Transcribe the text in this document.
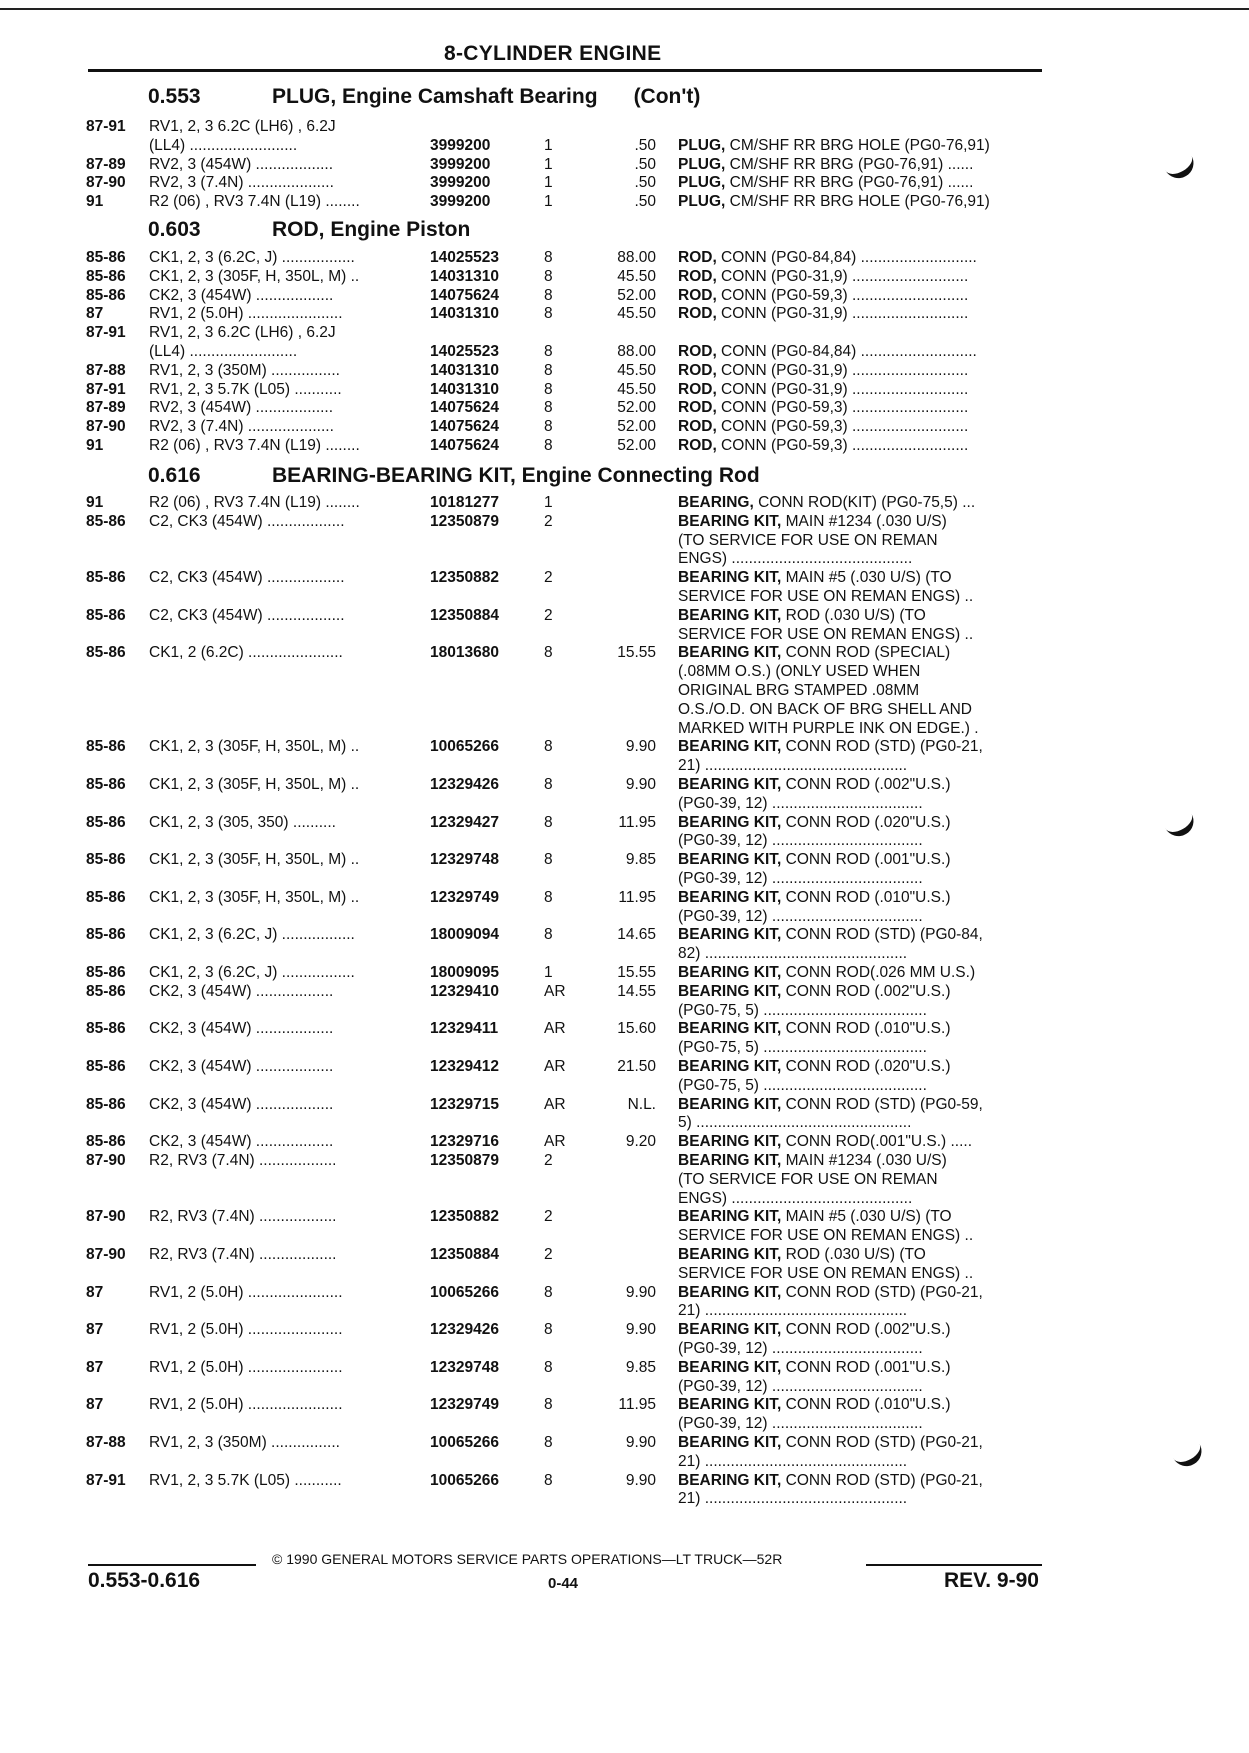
8-CYLINDER ENGINE
0.553	PLUG, Engine Camshaft Bearing (Con't)
0.603	ROD, Engine Piston
0.616	BEARING-BEARING KIT, Engine Connecting Rod
87-91 RV1, 2, 3 6.2C (LH6) , 6.2J
(LL4) .........................	3999200	1	.50 PLUG, CM/SHF RR BRG HOLE (PG0-76,91)
87-89 RV2, 3 (454W) ..................	3999200	1	.50 PLUG, CM/SHF RR BRG (PG0-76,91) ......
87-90 RV2, 3 (7.4N) ....................	3999200	1	.50 PLUG, CM/SHF RR BRG (PG0-76,91) ......
91	R2 (06) , RV3 7.4N (L19) ........	3999200	1	.50 PLUG, CM/SHF RR BRG HOLE (PG0-76,91)
85-86 CK1, 2, 3 (6.2C, J) .................	14025523	8	88.00 ROD, CONN (PG0-84,84) ...........................
85-86 CK1, 2, 3 (305F, H, 350L, M) ..	14031310	8	45.50 ROD, CONN (PG0-31,9) ...........................
85-86 CK2, 3 (454W) ..................	14075624	8	52.00 ROD, CONN (PG0-59,3) ...........................
87	RV1, 2 (5.0H) ......................	14031310	8	45.50 ROD, CONN (PG0-31,9) ...........................
87-91 RV1, 2, 3 6.2C (LH6) , 6.2J
(LL4) .........................	14025523	8	88.00 ROD, CONN (PG0-84,84) ...........................
87-88 RV1, 2, 3 (350M) ................	14031310	8	45.50 ROD, CONN (PG0-31,9) ...........................
87-91 RV1, 2, 3 5.7K (L05) ...........	14031310	8	45.50 ROD, CONN (PG0-31,9) ...........................
87-89 RV2, 3 (454W) ..................	14075624	8	52.00 ROD, CONN (PG0-59,3) ...........................
87-90 RV2, 3 (7.4N) ....................	14075624	8	52.00 ROD, CONN (PG0-59,3) ...........................
91	R2 (06) , RV3 7.4N (L19) ........	14075624	8	52.00 ROD, CONN (PG0-59,3) ...........................
91	R2 (06) , RV3 7.4N (L19) ........	10181277	1	BEARING, CONN ROD(KIT) (PG0-75,5) ...
85-86 C2, CK3 (454W) ..................	12350879	2	BEARING KIT, MAIN #1234 (.030 U/S)
(TO SERVICE FOR USE ON REMAN
ENGS) ..........................................
85-86 C2, CK3 (454W) ..................	12350882	2	BEARING KIT, MAIN #5 (.030 U/S) (TO
SERVICE FOR USE ON REMAN ENGS) ..
85-86 C2, CK3 (454W) ..................	12350884	2	BEARING KIT, ROD (.030 U/S) (TO
SERVICE FOR USE ON REMAN ENGS) ..
85-86 CK1, 2 (6.2C) ......................	18013680	8	15.55 BEARING KIT, CONN ROD (SPECIAL)
(.08MM O.S.) (ONLY USED WHEN
ORIGINAL BRG STAMPED .08MM
O.S./O.D. ON BACK OF BRG SHELL AND
MARKED WITH PURPLE INK ON EDGE.) .
85-86 CK1, 2, 3 (305F, H, 350L, M) ..	10065266	8	9.90 BEARING KIT, CONN ROD (STD) (PG0-21,
21) ...............................................
85-86 CK1, 2, 3 (305F, H, 350L, M) ..	12329426	8	9.90 BEARING KIT, CONN ROD (.002"U.S.)
(PG0-39, 12) ...................................
85-86 CK1, 2, 3 (305, 350) ..........	12329427	8	11.95 BEARING KIT, CONN ROD (.020"U.S.)
(PG0-39, 12) ...................................
85-86 CK1, 2, 3 (305F, H, 350L, M) ..	12329748	8	9.85 BEARING KIT, CONN ROD (.001"U.S.)
(PG0-39, 12) ...................................
85-86 CK1, 2, 3 (305F, H, 350L, M) ..	12329749	8	11.95 BEARING KIT, CONN ROD (.010"U.S.)
(PG0-39, 12) ...................................
85-86 CK1, 2, 3 (6.2C, J) .................	18009094	8	14.65 BEARING KIT, CONN ROD (STD) (PG0-84,
82) ...............................................
85-86 CK1, 2, 3 (6.2C, J) .................	18009095	1	15.55 BEARING KIT, CONN ROD(.026 MM U.S.)
85-86 CK2, 3 (454W) ..................	12329410	AR	14.55 BEARING KIT, CONN ROD (.002"U.S.)
(PG0-75, 5) ......................................
85-86 CK2, 3 (454W) ..................	12329411	AR	15.60 BEARING KIT, CONN ROD (.010"U.S.)
(PG0-75, 5) ......................................
85-86 CK2, 3 (454W) ..................	12329412	AR	21.50 BEARING KIT, CONN ROD (.020"U.S.)
(PG0-75, 5) ......................................
85-86 CK2, 3 (454W) ..................	12329715	AR	N.L. BEARING KIT, CONN ROD (STD) (PG0-59,
5) ..................................................
85-86 CK2, 3 (454W) ..................	12329716	AR	9.20 BEARING KIT, CONN ROD(.001"U.S.) .....
87-90 R2, RV3 (7.4N) ..................	12350879	2	BEARING KIT, MAIN #1234 (.030 U/S)
(TO SERVICE FOR USE ON REMAN
ENGS) ..........................................
87-90 R2, RV3 (7.4N) ..................	12350882	2	BEARING KIT, MAIN #5 (.030 U/S) (TO
SERVICE FOR USE ON REMAN ENGS) ..
87-90 R2, RV3 (7.4N) ..................	12350884	2	BEARING KIT, ROD (.030 U/S) (TO
SERVICE FOR USE ON REMAN ENGS) ..
87	RV1, 2 (5.0H) ......................	10065266	8	9.90 BEARING KIT, CONN ROD (STD) (PG0-21,
21) ...............................................
87	RV1, 2 (5.0H) ......................	12329426	8	9.90 BEARING KIT, CONN ROD (.002"U.S.)
(PG0-39, 12) ...................................
87	RV1, 2 (5.0H) ......................	12329748	8	9.85 BEARING KIT, CONN ROD (.001"U.S.)
(PG0-39, 12) ...................................
87	RV1, 2 (5.0H) ......................	12329749	8	11.95 BEARING KIT, CONN ROD (.010"U.S.)
(PG0-39, 12) ...................................
87-88 RV1, 2, 3 (350M) ................	10065266	8	9.90 BEARING KIT, CONN ROD (STD) (PG0-21,
21) ...............................................
87-91 RV1, 2, 3 5.7K (L05) ...........	10065266	8	9.90 BEARING KIT, CONN ROD (STD) (PG0-21,
21) ...............................................
© 1990 GENERAL MOTORS SERVICE PARTS OPERATIONS—LT TRUCK—52R
0.553-0.616	0-44	REV. 9-90
